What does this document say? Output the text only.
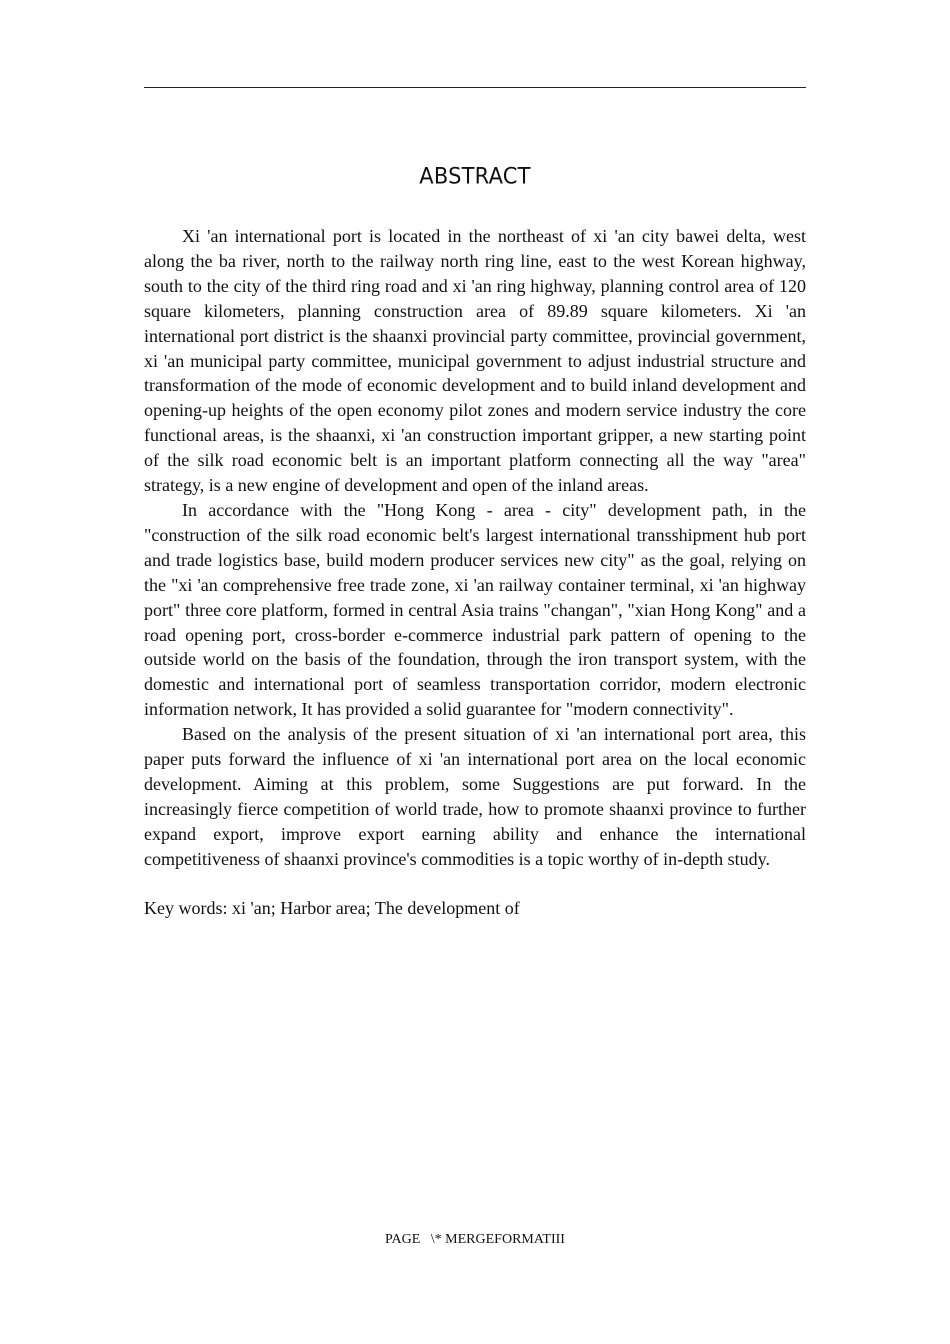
ABSTRACT

Xi 'an international port is located in the northeast of xi 'an city bawei delta, west along the ba river, north to the railway north ring line, east to the west Korean highway, south to the city of the third ring road and xi 'an ring highway, planning control area of 120 square kilometers, planning construction area of 89.89 square kilometers. Xi 'an international port district is the shaanxi provincial party committee, provincial government, xi 'an municipal party committee, municipal government to adjust industrial structure and transformation of the mode of economic development and to build inland development and opening-up heights of the open economy pilot zones and modern service industry the core functional areas, is the shaanxi, xi 'an construction important gripper, a new starting point of the silk road economic belt is an important platform connecting all the way "area" strategy, is a new engine of development and open of the inland areas.

In accordance with the "Hong Kong - area - city" development path, in the "construction of the silk road economic belt's largest international transshipment hub port and trade logistics base, build modern producer services new city" as the goal, relying on the "xi 'an comprehensive free trade zone, xi 'an railway container terminal, xi 'an highway port" three core platform, formed in central Asia trains "changan", "xian Hong Kong" and a road opening port, cross-border e-commerce industrial park pattern of opening to the outside world on the basis of the foundation, through the iron transport system, with the domestic and international port of seamless transportation corridor, modern electronic information network, It has provided a solid guarantee for "modern connectivity".

Based on the analysis of the present situation of xi 'an international port area, this paper puts forward the influence of xi 'an international port area on the local economic development. Aiming at this problem, some Suggestions are put forward. In the increasingly fierce competition of world trade, how to promote shaanxi province to further expand export, improve export earning ability and enhance the international competitiveness of shaanxi province's commodities is a topic worthy of in-depth study.

Key words: xi 'an; Harbor area; The development of

PAGE   \* MERGEFORMATIII
